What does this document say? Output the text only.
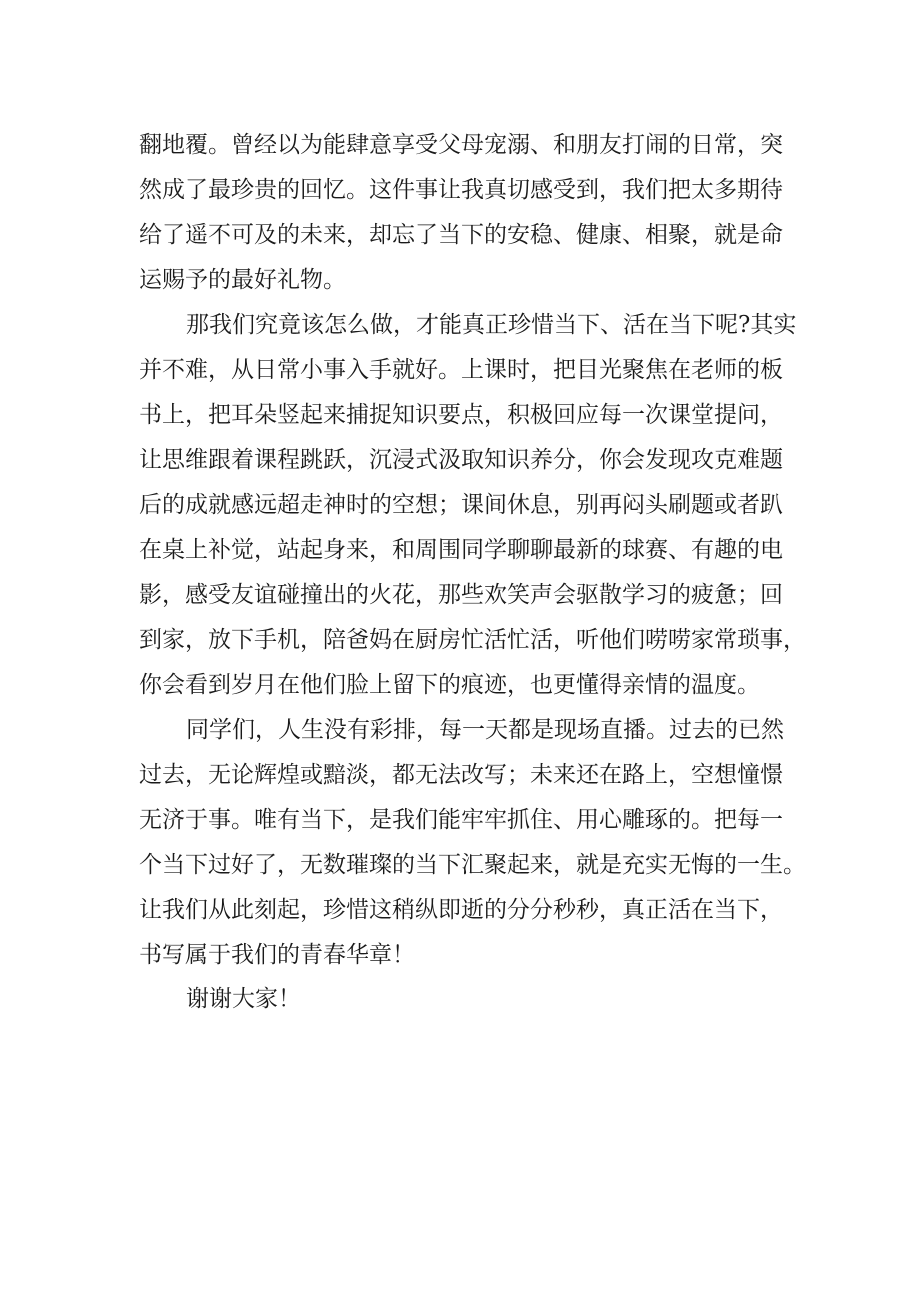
翻地覆。曾经以为能肆意享受父母宠溺、和朋友打闹的日常，突
然成了最珍贵的回忆。这件事让我真切感受到，我们把太多期待
给了遥不可及的未来，却忘了当下的安稳、健康、相聚，就是命
运赐予的最好礼物。
那我们究竟该怎么做，才能真正珍惜当下、活在当下呢?其实
并不难，从日常小事入手就好。上课时，把目光聚焦在老师的板
书上，把耳朵竖起来捕捉知识要点，积极回应每一次课堂提问，
让思维跟着课程跳跃，沉浸式汲取知识养分，你会发现攻克难题
后的成就感远超走神时的空想；课间休息，别再闷头刷题或者趴
在桌上补觉，站起身来，和周围同学聊聊最新的球赛、有趣的电
影，感受友谊碰撞出的火花，那些欢笑声会驱散学习的疲惫；回
到家，放下手机，陪爸妈在厨房忙活忙活，听他们唠唠家常琐事，
你会看到岁月在他们脸上留下的痕迹，也更懂得亲情的温度。
同学们，人生没有彩排，每一天都是现场直播。过去的已然
过去，无论辉煌或黯淡，都无法改写；未来还在路上，空想憧憬
无济于事。唯有当下，是我们能牢牢抓住、用心雕琢的。把每一
个当下过好了，无数璀璨的当下汇聚起来，就是充实无悔的一生。
让我们从此刻起，珍惜这稍纵即逝的分分秒秒，真正活在当下，
书写属于我们的青春华章！
谢谢大家！
